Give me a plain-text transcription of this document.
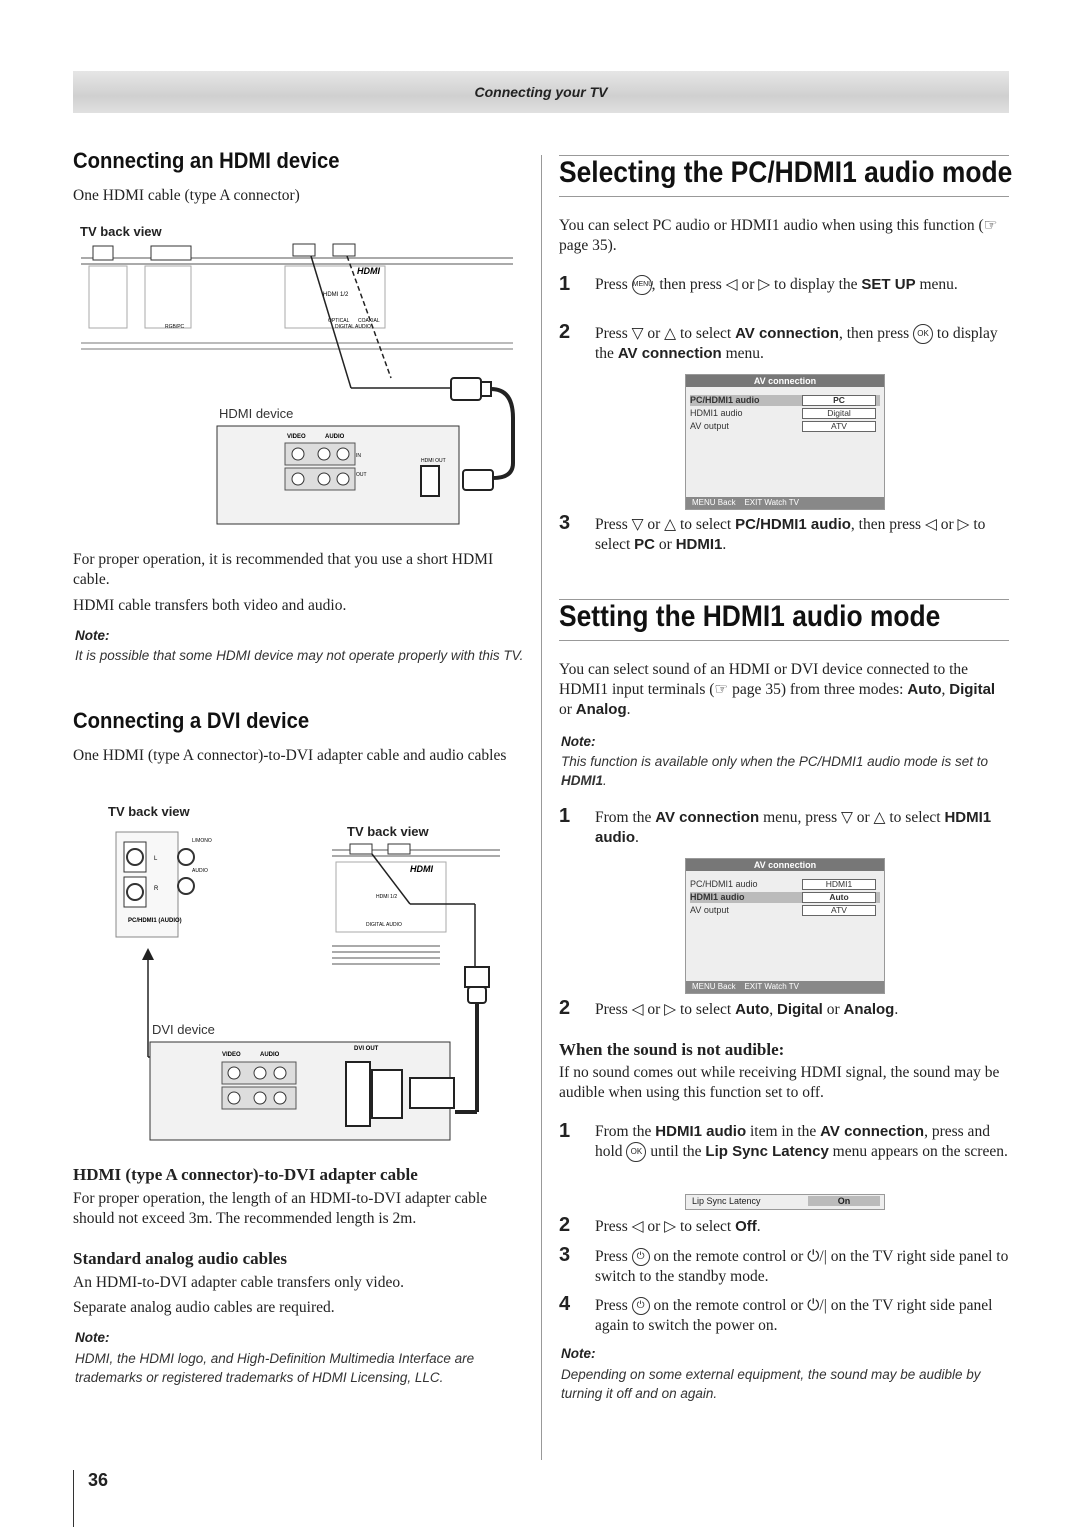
Connecting your TV
Connecting an HDMI device
One HDMI cable (type A connector)
TV back view
HDMI
HDMI 1/2
OPTICAL COAXIAL
DIGITAL AUDIO
RGB/PC
HDMI device
VIDEO	AUDIO
IN
OUT
HDMI OUT
For proper operation, it is recommended that you use a short HDMI cable.
HDMI cable transfers both video and audio.
Note:
It is possible that some HDMI device may not operate properly with this TV.
Connecting a DVI device
One HDMI (type A connector)-to-DVI adapter cable and audio cables
TV back view
TV back view
L/MONO
AUDIO
L
R
PC/HDMI1 (AUDIO)
HDMI
HDMI 1/2
DIGITAL AUDIO
DVI device
VIDEO	AUDIO
DVI OUT
HDMI (type A connector)-to-DVI adapter cable
For proper operation, the length of an HDMI-to-DVI adapter cable should not exceed 3m. The recommended length is 2m.
Standard analog audio cables
An HDMI-to-DVI adapter cable transfers only video.
Separate analog audio cables are required.
Note:
HDMI, the HDMI logo, and High-Definition Multimedia Interface are trademarks or registered trademarks of HDMI Licensing, LLC.
36
Selecting the PC/HDMI1 audio mode
You can select PC audio or HDMI1 audio when using this function (☞ page 35).
1	Press MENU, then press ◁ or ▷ to display the SET UP menu.
2	Press ▽ or △ to select AV connection, then press OK to display the AV connection menu.
AV connection
PC/HDMI1 audio	PC
HDMI1 audio	Digital
AV output	ATV
MENU Back EXIT Watch TV
3	Press ▽ or △ to select PC/HDMI1 audio, then press ◁ or ▷ to select PC or HDMI1.
Setting the HDMI1 audio mode
You can select sound of an HDMI or DVI device connected to the HDMI1 input terminals (☞ page 35) from three modes: Auto, Digital or Analog.
Note:
This function is available only when the PC/HDMI1 audio mode is set to HDMI1.
1	From the AV connection menu, press ▽ or △ to select HDMI1 audio.
AV connection
PC/HDMI1 audio	HDMI1
HDMI1 audio	Auto
AV output	ATV
MENU Back EXIT Watch TV
2	Press ◁ or ▷ to select Auto, Digital or Analog.
When the sound is not audible:
If no sound comes out while receiving HDMI signal, the sound may be audible when using this function set to off.
1	From the HDMI1 audio item in the AV connection, press and hold OK until the Lip Sync Latency menu appears on the screen.
Lip Sync Latency	On
2	Press ◁ or ▷ to select Off.
3	Press ⏻ on the remote control or ⏻/| on the TV right side panel to switch to the standby mode.
4	Press ⏻ on the remote control or ⏻/| on the TV right side panel again to switch the power on.
Note:
Depending on some external equipment, the sound may be audible by turning it off and on again.
